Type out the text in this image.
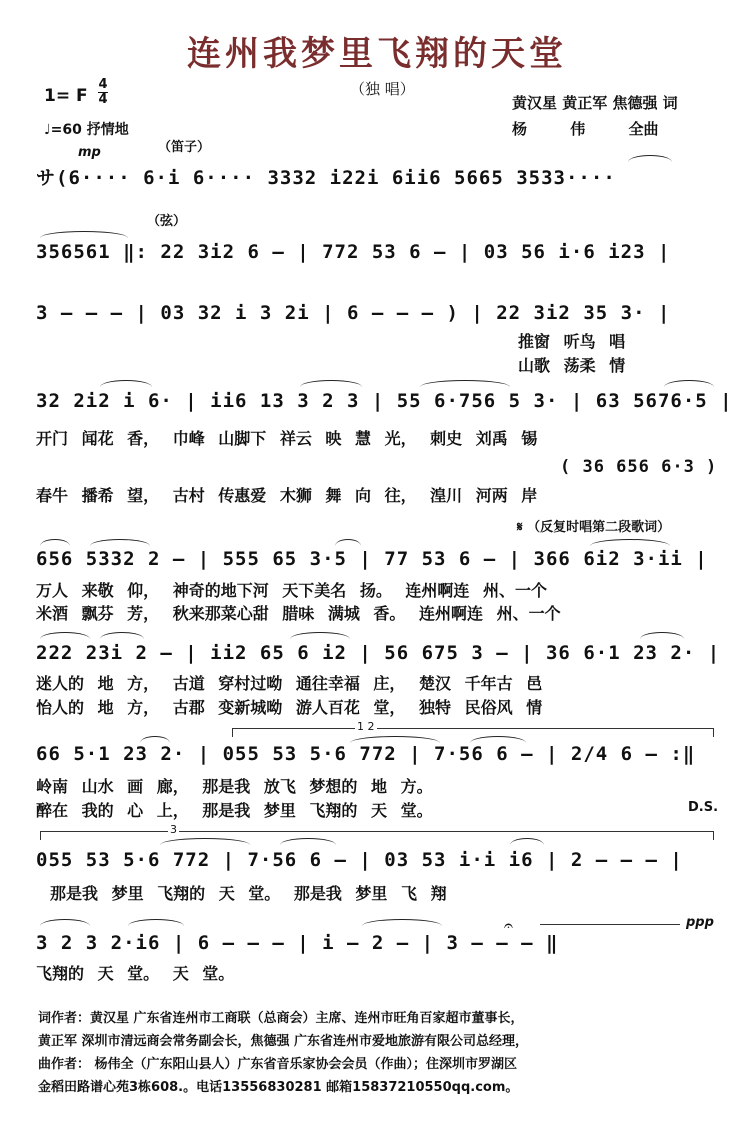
连州我梦里飞翔的天堂
（独 唱）
1= F
4
4
♩=60 抒情地
黄汉星 黄正军 焦德强 词
杨 伟 全曲
mp	（笛子）
サ(6···· 6·i 6···· 3332 i22i 6ii6 5665 3533····
（弦）
356561 ‖: 22 3i2 6 – | 772 53 6 – | 03 56 i·6 i23 |
3 – – – | 03 32 i 3 2i | 6 – – – ) | 22 3i2 35 3· |
推窗 听鸟 唱
山歌 荡柔 情
32 2i2 i 6· | ii6 13 3 2 3 | 55 6·756 5 3· | 63 5676·5 |
开门 闻花 香， 巾峰 山脚下 祥云 映 慧 光， 刺史 刘禹 锡
( 36 656 6·3 )
春牛 播希 望， 古村 传惠爱 木狮 舞 向 往， 湟川 河两 岸
𝄋 （反复时唱第二段歌词）
656 5332 2 – | 555 65 3·5 | 77 53 6 – | 366 6i2 3·ii |
万人 来敬 仰， 神奇的地下河 天下美名 扬。 连州啊连 州、一个
米酒 飘芬 芳， 秋来那菜心甜 腊味 满城 香。 连州啊连 州、一个
222 23i 2 – | ii2 65 6 i2 | 56 675 3 – | 36 6·1 23 2· |
迷人的 地 方， 古道 穿村过呦 通往幸福 庄， 楚汉 千年古 邑
怡人的 地 方， 古郡 变新城呦 游人百花 堂， 独特 民俗风 情
1 2
66 5·1 23 2· | 055 53 5·6 772 | 7·56 6 – | 2/4 6 – :‖
岭南 山水 画 廊， 那是我 放飞 梦想的 地 方。
醉在 我的 心 上， 那是我 梦里 飞翔的 天 堂。	D.S.
3
055 53 5·6 772 | 7·56 6 – | 03 53 i·i i6 | 2 – – – |
那是我 梦里 飞翔的 天 堂。 那是我 梦里 飞 翔
𝄐	ppp
3 2 3 2·i6 | 6 – – – | i – 2 – | 3 – – – ‖
飞翔的 天 堂。 天 堂。
词作者：黄汉星 广东省连州市工商联（总商会）主席、连州市旺角百家超市董事长，
黄正军 深圳市清远商会常务副会长，焦德强 广东省连州市爱地旅游有限公司总经理，
曲作者： 杨伟全（广东阳山县人）广东省音乐家协会会员（作曲）；住深圳市罗湖区
金稻田路谱心苑3栋608.。电话13556830281 邮箱15837210550qq.com。
